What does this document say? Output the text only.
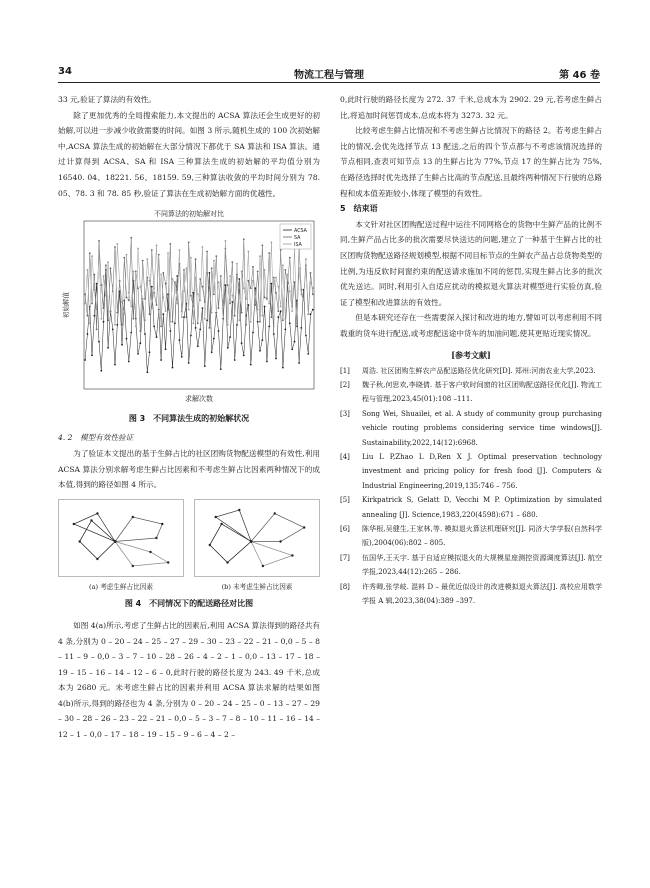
34	物流工程与管理	第 46 卷

33 元,验证了算法的有效性。

除了更加优秀的全局搜索能力,本文提出的 ACSA 算法还会生成更好的初始解,可以进一步减少收敛需要的时间。如图 3 所示,随机生成的 100 次初始解中,ACSA 算法生成的初始解在大部分情况下都优于 SA 算法和 ISA 算法。通过计算得到 ACSA、SA 和 ISA 三种算法生成的初始解的平均值分别为 16540. 04、18221. 56、18159. 59,三种算法收敛的平均时间分别为 78. 05、78. 3 和 78. 85 秒,验证了算法在生成初始解方面的优越性。

不同算法的初始解对比
ACSA
SA
ISA
初始解值
求解次数
图 3　不同算法生成的初始解状况

4. 2　模型有效性验证

为了验证本文提出的基于生鲜占比的社区团购货物配送模型的有效性,利用 ACSA 算法分别求解考虑生鲜占比因素和不考虑生鲜占比因素两种情况下的成本值,得到的路径如图 4 所示。

(a) 考虑生鲜占比因素	(b) 未考虑生鲜占比因素
图 4　不同情况下的配送路径对比图

如图 4(a)所示,考虑了生鲜占比的因素后,利用 ACSA 算法得到的路径共有 4 条,分别为 0 – 20 – 24 – 25 – 27 – 29 – 30 – 23 – 22 – 21 – 0,0 – 5 – 8 – 11 – 9 – 0,0 – 3 – 7 – 10 – 28 – 26 – 4 – 2 – 1 – 0,0 – 13 – 17 – 18 – 19 – 15 – 16 – 14 – 12 – 6 – 0,此时行驶的路径长度为 243. 49 千米,总成本为 2680 元。未考虑生鲜占比的因素并利用 ACSA 算法求解的结果如图 4(b)所示,得到的路径也为 4 条,分别为 0 – 20 – 24 – 25 – 0 – 13 – 27 – 29 – 30 – 28 – 26 – 23 – 22 – 21 – 0,0 – 5 – 3 – 7 – 8 – 10 – 11 – 16 – 14 – 12 – 1 – 0,0 – 17 – 18 – 19 – 15 – 9 – 6 – 4 – 2 –

0,此时行驶的路径长度为 272. 37 千米,总成本为 2902. 29 元,若考虑生鲜占比,将追加时间惩罚成本,总成本将为 3273. 32 元。

比较考虑生鲜占比情况和不考虑生鲜占比情况下的路径 2。若考虑生鲜占比的情况,会优先选择节点 13 配送,之后的四个节点都与不考虑该情况选择的节点相同,查表可知节点 13 的生鲜占比为 77%,节点 17 的生鲜占比为 75%,在路径选择时优先选择了生鲜占比高的节点配送,且最终两种情况下行驶的总路程和成本值差距较小,体现了模型的有效性。

5　结束语

本文针对社区团购配送过程中运往不同网格仓的货物中生鲜产品的比例不同,生鲜产品占比多的批次需要尽快送达的问题,建立了一种基于生鲜占比的社区团购货物配送路径规划模型,根据不同目标节点的生鲜农产品占总货物类型的比例,为违反软时间窗约束的配送请求施加不同的惩罚,实现生鲜占比多的批次优先送达。同时,利用引入自适应扰动的模拟退火算法对模型进行实验仿真,验证了模型和改进算法的有效性。

但是本研究还存在一些需要深入探讨和改进的地方,譬如可以考虑利用不同载重的货车进行配送,或考虑配送途中货车的加油问题,使其更贴近现实情况。

[参考文献]
[1]	周浩. 社区团购生鲜农产品配送路径优化研究[D]. 郑州:河南农业大学,2023.
[2]	魏子秋,何思欢,李晓倩. 基于客户软时间窗的社区团购配送路径优化[J]. 物流工程与管理,2023,45(01):108 –111.
[3]	Song Wei, Shuailei, et al. A study of community group purchasing vehicle routing problems considering service time windows[J]. Sustainability,2022,14(12):6968.
[4]	Liu L P,Zhao L D,Ren X J. Optimal preservation technology investment and pricing policy for fresh food [J]. Computers & Industrial Engineering,2019,135:746 – 756.
[5]	Kirkpatrick S, Gelatt D, Vecchi M P. Optimization by simulated annealing [J]. Science,1983,220(4598):671 – 680.
[6]	陈华根,吴健生,王家林,等. 模拟退火算法机理研究[J]. 同济大学学报(自然科学版),2004(06):802 – 805.
[7]	伍国华,王天宇. 基于自适应模拟退火的大规模星座测控资源调度算法[J]. 航空学报,2023,44(12):265 – 286.
[8]	许秀卿,张学岐. 混料 D – 最优近似设计的改进模拟退火算法[J]. 高校应用数学学报 A 辑,2023,38(04):389 –397.
